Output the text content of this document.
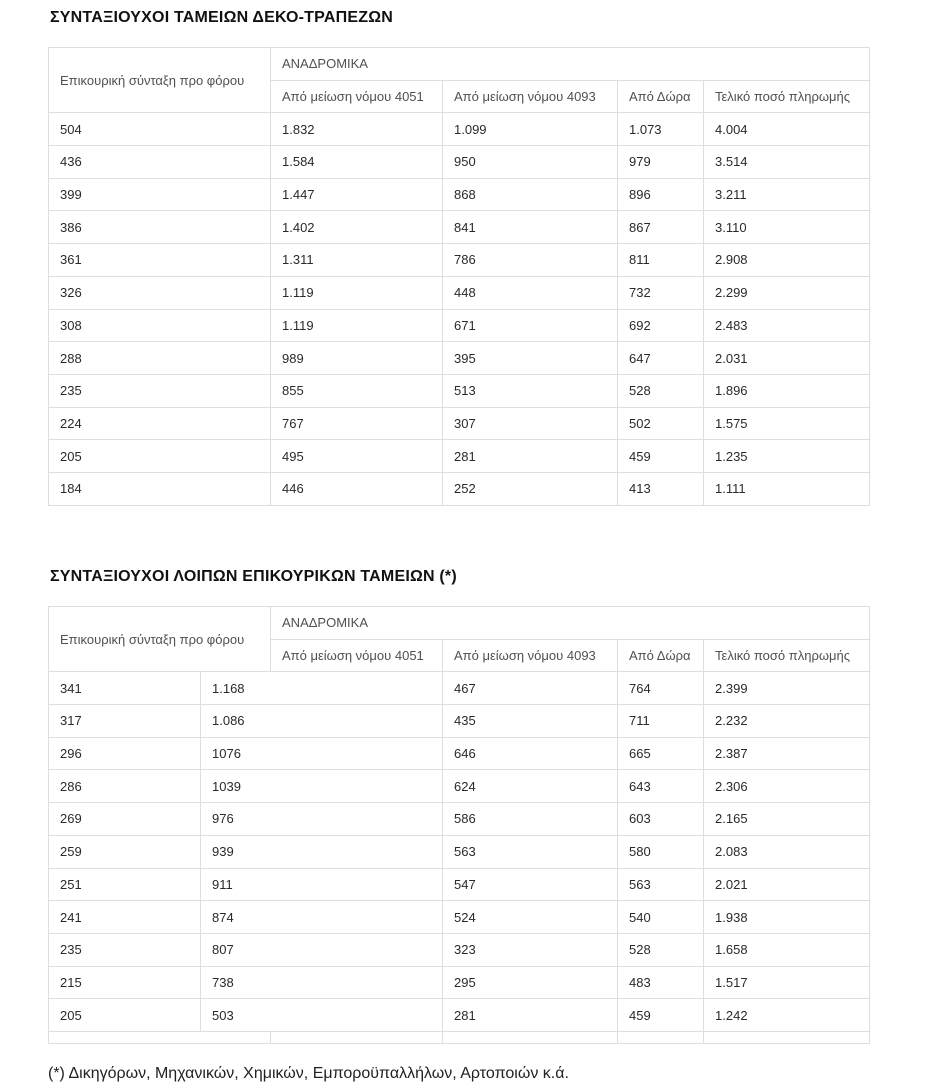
ΣΥΝΤΑΞΙΟΥΧΟΙ ΤΑΜΕΙΩΝ ΔΕΚΟ-ΤΡΑΠΕΖΩΝ
Επικουρική σύνταξη προ φόρου	ΑΝΑΔΡΟΜΙΚΑ			
	Από μείωση νόμου 4051	Από μείωση νόμου 4093	Από Δώρα	Τελικό ποσό πληρωμής
504	1.832	1.099	1.073	4.004
436	1.584	950	979	3.514
399	1.447	868	896	3.211
386	1.402	841	867	3.110
361	1.311	786	811	2.908
326	1.119	448	732	2.299
308	1.119	671	692	2.483
288	989	395	647	2.031
235	855	513	528	1.896
224	767	307	502	1.575
205	495	281	459	1.235
184	446	252	413	1.111
ΣΥΝΤΑΞΙΟΥΧΟΙ ΛΟΙΠΩΝ ΕΠΙΚΟΥΡΙΚΩΝ ΤΑΜΕΙΩΝ (*)
Επικουρική σύνταξη προ φόρου		ΑΝΑΔΡΟΜΙΚΑ			
		Από μείωση νόμου 4051	Από μείωση νόμου 4093	Από Δώρα	Τελικό ποσό πληρωμής
341	1.168		467	764	2.399
317	1.086		435	711	2.232
296	1076		646	665	2.387
286	1039		624	643	2.306
269	976		586	603	2.165
259	939		563	580	2.083
251	911		547	563	2.021
241	874		524	540	1.938
235	807		323	528	1.658
215	738		295	483	1.517
205	503		281	459	1.242

(*) Δικηγόρων, Μηχανικών, Χημικών, Εμποροϋπαλλήλων, Αρτοποιών κ.ά.
